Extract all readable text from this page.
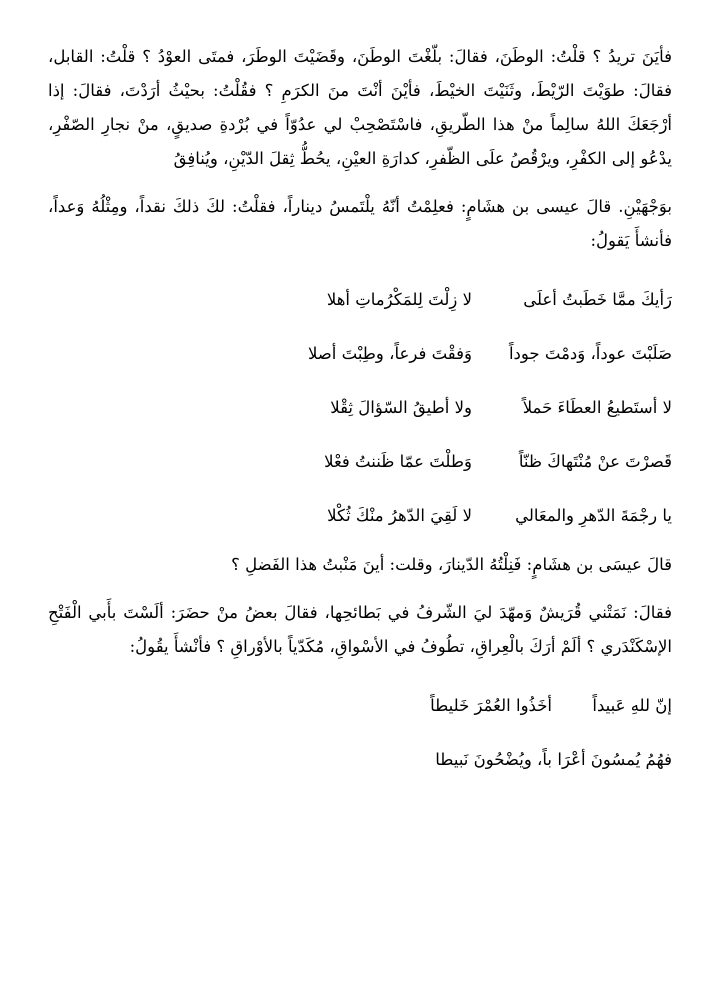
فأيَنَ تريدُ ؟ قلْتُ: الوطَنَ، فقالَ: بلّغْتَ الوطَنَ، وقَضَيْتَ الوطَرَ، فمتَى العوْدُ ؟ قلْتُ: القابل، فقالَ: طوَيْتَ الرّيْطَ، وثَنَيْتَ الخيْطَ، فأيْنَ أنْتَ منَ الكرَمِ ؟ فقُلْتُ: بحيْثُ أرَدْتَ، فقالَ: إذا أرْجَعَكَ اللهُ سالِماً منْ هذا الطّريقِ، فاسْتَصْحِبْ لي عدُوّاً في بُرْدةِ صديقٍ، منْ نجارِ الصّفْرِ، يدْعُو إلى الكفْرِ، ويرْقُصُ علَى الظّفرِ، كدارَةِ العيْنِ، يحُطُّ ثِقلَ الدّيْنِ، ويُنافِقُ

بوَجْهَيْنِ. قالَ عيسى بن هشَامٍ: فعلِمْتُ أنّهُ يلْتَمسُ ديناراً، فقلْتُ: لكَ ذلكَ نقداً، ومِثْلُهُ وَعداً، فأنشأَ يَقولُ:

رَأيكَ ممَّا خَطَبتُ أعلَى
لا زِلْتَ لِلمَكْرُماتِ أهلا
صَلَبْتَ عوداً، وَدمْتَ جوداً
وَفقْتَ فرعاً، وطِبْتَ أصلا
لا أستَطيعُ العطَاءَ حَملاً
ولا أطيقُ السّؤالَ ثِقْلا
قَصرْتَ عنْ مُنْتَهاكَ ظنّاً
وَطلْتَ عمّا ظَننتُ فعْلا
يا رجْمَةَ الدّهرِ والمعَالي
لا لَقِيَ الدّهرُ منْكَ ثُكْلا

قالَ عيسَى بن هشَامٍ: فَنِلْتُهُ الدّينارَ، وقلت: أينَ مَنْبتُ هذا الفَضلِ ؟

فقالَ: نَمَتْني قُرَيشٌ وَمهّدَ ليَ الشّرفُ في بَطائحِها، فقالَ بعضُ منْ حضَرَ: ألَسْتَ بأَبي الْفَتْحِ الإسْكَنْدَري ؟ ألَمْ أرَكَ بالْعِراقِ، تطُوفُ في الأسْواقِ، مُكَدّياً بالأوْراقِ ؟ فأنْشأَ يقُولُ:

إنّ للهِ عَبيداً
أخَذُوا العُمْرَ خَليطاً
فهُمُ يُمسُونَ أعْرَا
باً، ويُضْحُونَ نَبيطا
